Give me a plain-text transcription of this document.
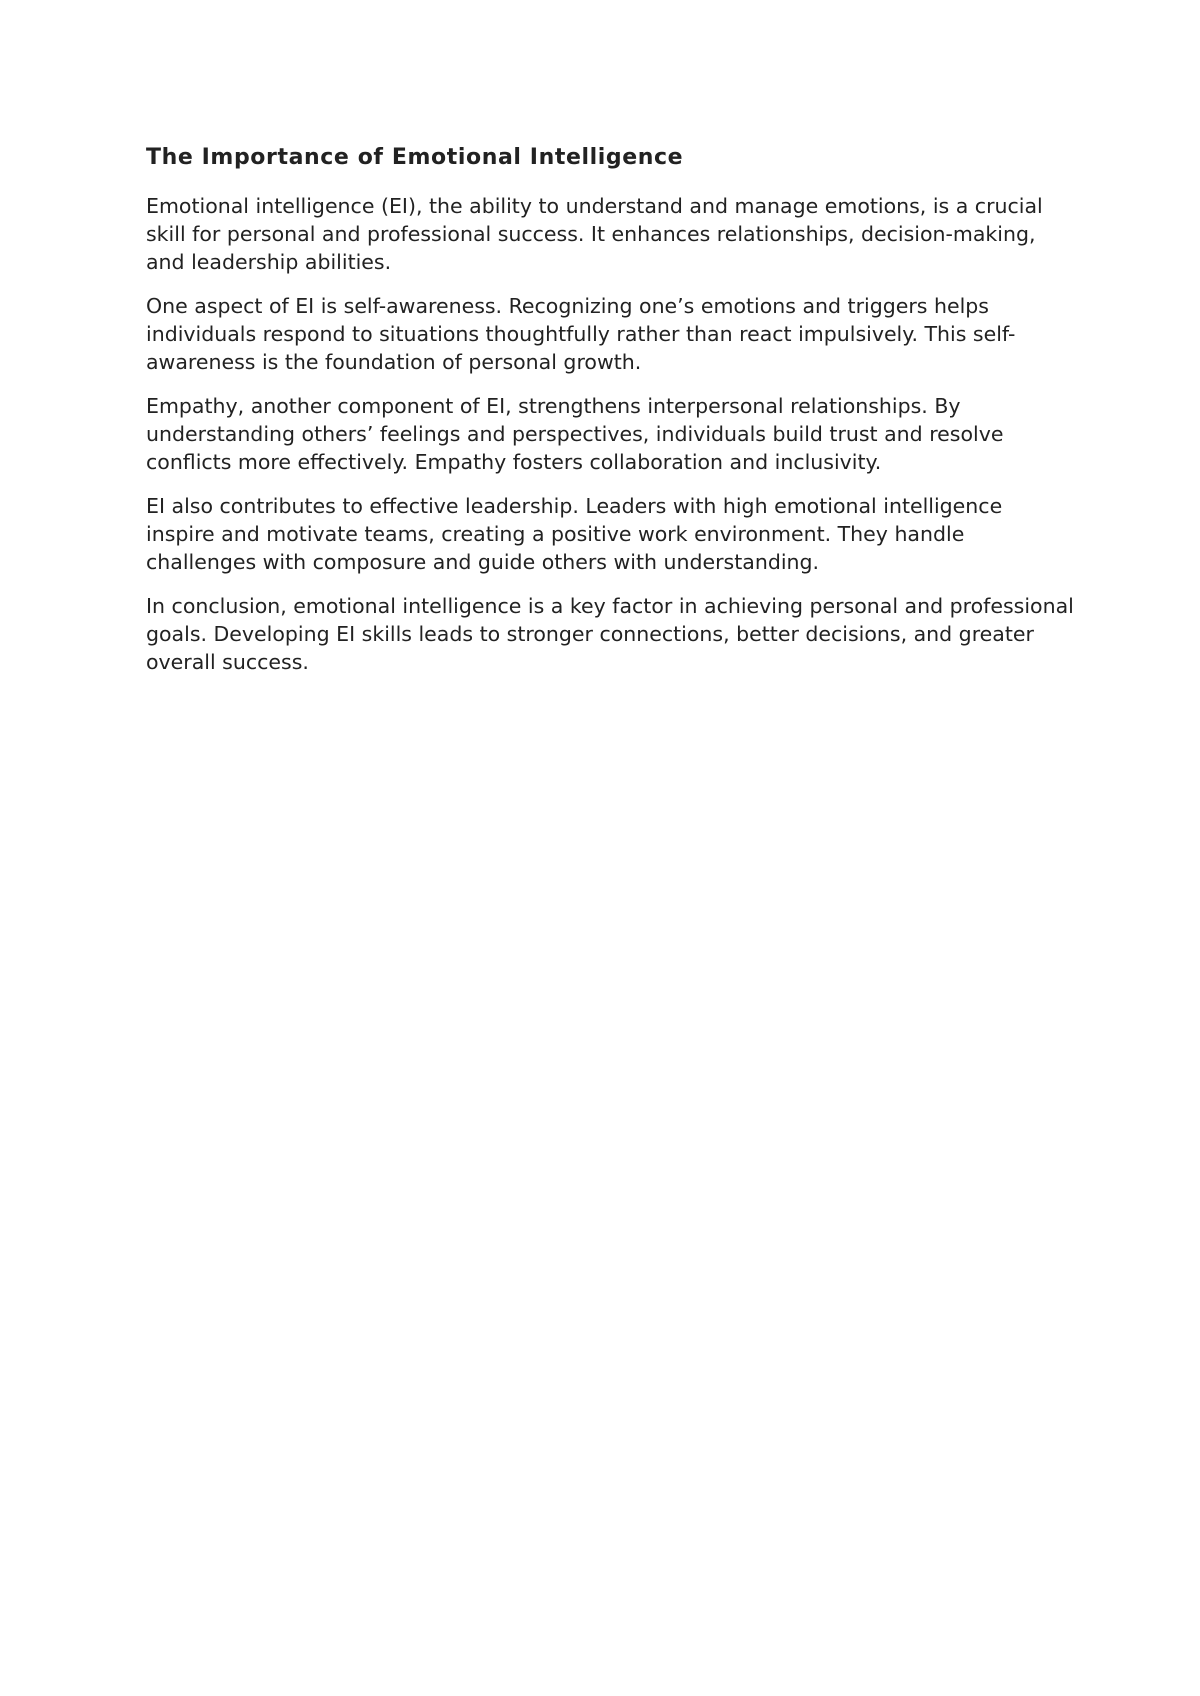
The Importance of Emotional Intelligence

Emotional intelligence (EI), the ability to understand and manage emotions, is a crucial skill for personal and professional success. It enhances relationships, decision-making, and leadership abilities.

One aspect of EI is self-awareness. Recognizing one’s emotions and triggers helps individuals respond to situations thoughtfully rather than react impulsively. This self-awareness is the foundation of personal growth.

Empathy, another component of EI, strengthens interpersonal relationships. By understanding others’ feelings and perspectives, individuals build trust and resolve conflicts more effectively. Empathy fosters collaboration and inclusivity.

EI also contributes to effective leadership. Leaders with high emotional intelligence inspire and motivate teams, creating a positive work environment. They handle challenges with composure and guide others with understanding.

In conclusion, emotional intelligence is a key factor in achieving personal and professional goals. Developing EI skills leads to stronger connections, better decisions, and greater overall success.
